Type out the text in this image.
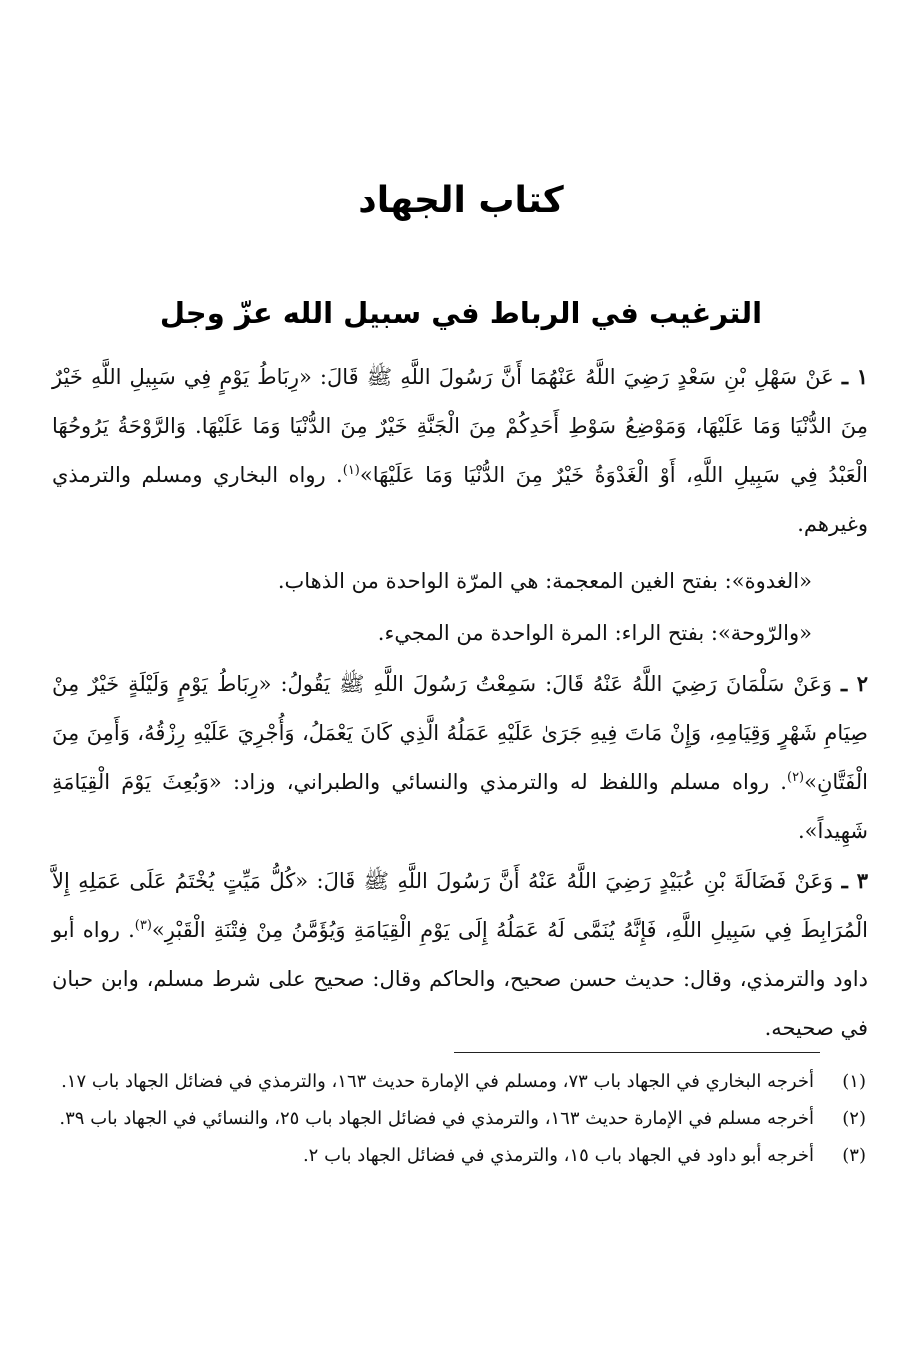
كتاب الجهاد
الترغيب في الرباط في سبيل الله عزّ وجل

١ ـ عَنْ سَهْلِ بْنِ سَعْدٍ رَضِيَ اللَّهُ عَنْهُمَا أَنَّ رَسُولَ اللَّهِ ﷺ قَالَ: «رِبَاطُ يَوْمٍ فِي سَبِيلِ اللَّهِ خَيْرٌ مِنَ الدُّنْيَا وَمَا عَلَيْهَا، وَمَوْضِعُ سَوْطِ أَحَدِكُمْ مِنَ الْجَنَّةِ خَيْرٌ مِنَ الدُّنْيَا وَمَا عَلَيْهَا. وَالرَّوْحَةُ يَرُوحُهَا الْعَبْدُ فِي سَبِيلِ اللَّهِ، أَوْ الْغَدْوَةُ خَيْرٌ مِنَ الدُّنْيَا وَمَا عَلَيْهَا»$^{(١)}$. رواه البخاري ومسلم والترمذي وغيرهم.

«الغدوة»: بفتح الغين المعجمة: هي المرّة الواحدة من الذهاب.

«والرّوحة»: بفتح الراء: المرة الواحدة من المجيء.

٢ ـ وَعَنْ سَلْمَانَ رَضِيَ اللَّهُ عَنْهُ قَالَ: سَمِعْتُ رَسُولَ اللَّهِ ﷺ يَقُولُ: «رِبَاطُ يَوْمٍ وَلَيْلَةٍ خَيْرٌ مِنْ صِيَامِ شَهْرٍ وَقِيَامِهِ، وَإِنْ مَاتَ فِيهِ جَرَىٰ عَلَيْهِ عَمَلُهُ الَّذِي كَانَ يَعْمَلُ، وَأُجْرِيَ عَلَيْهِ رِزْقُهُ، وَأَمِنَ مِنَ الْفَتَّانِ»$^{(٢)}$. رواه مسلم واللفظ له والترمذي والنسائي والطبراني، وزاد: «وَبُعِثَ يَوْمَ الْقِيَامَةِ شَهِيداً».

٣ ـ وَعَنْ فَضَالَةَ بْنِ عُبَيْدٍ رَضِيَ اللَّهُ عَنْهُ أَنَّ رَسُولَ اللَّهِ ﷺ قَالَ: «كُلُّ مَيِّتٍ يُخْتَمُ عَلَى عَمَلِهِ إِلاَّ الْمُرَابِطَ فِي سَبِيلِ اللَّهِ، فَإِنَّهُ يُنَمَّى لَهُ عَمَلُهُ إِلَى يَوْمِ الْقِيَامَةِ وَيُؤَمَّنُ مِنْ فِتْنَةِ الْقَبْرِ»$^{(٣)}$. رواه أبو داود والترمذي، وقال: حديث حسن صحيح، والحاكم وقال: صحيح على شرط مسلم، وابن حبان في صحيحه.

(١)
أخرجه البخاري في الجهاد باب ٧٣، ومسلم في الإمارة حديث ١٦٣، والترمذي في فضائل الجهاد باب ١٧.
(٢)
أخرجه مسلم في الإمارة حديث ١٦٣، والترمذي في فضائل الجهاد باب ٢٥، والنسائي في الجهاد باب ٣٩.
(٣)
أخرجه أبو داود في الجهاد باب ١٥، والترمذي في فضائل الجهاد باب ٢.
